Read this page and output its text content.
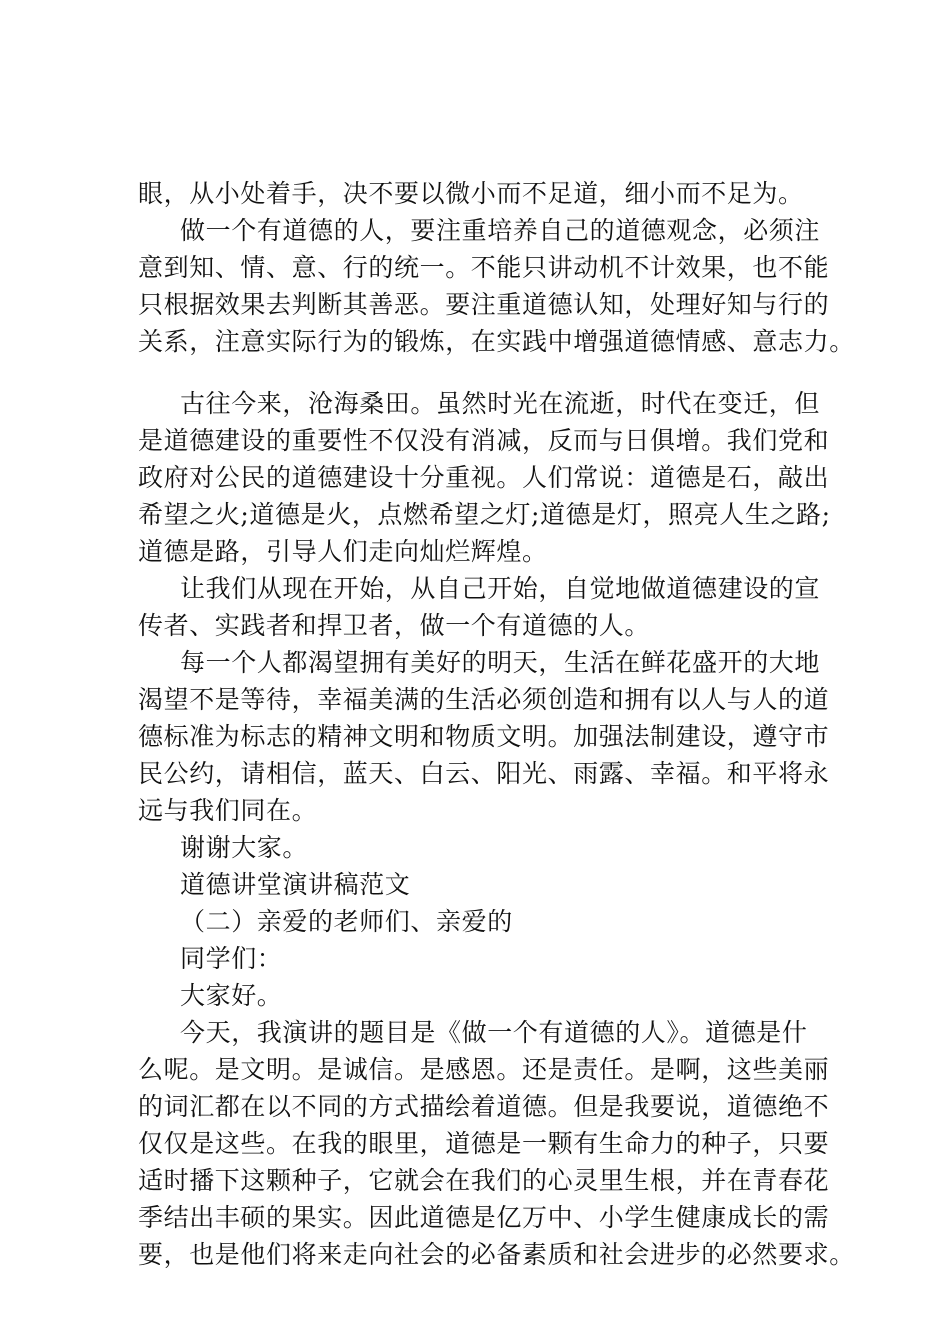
眼，从小处着手，决不要以微小而不足道，细小而不足为。
做一个有道德的人，要注重培养自己的道德观念，必须注
意到知、情、意、行的统一。不能只讲动机不计效果，也不能
只根据效果去判断其善恶。要注重道德认知，处理好知与行的
关系，注意实际行为的锻炼，在实践中增强道德情感、意志力。
古往今来，沧海桑田。虽然时光在流逝，时代在变迁，但
是道德建设的重要性不仅没有消减，反而与日俱增。我们党和
政府对公民的道德建设十分重视。人们常说：道德是石，敲出
希望之火;道德是火，点燃希望之灯;道德是灯，照亮人生之路;
道德是路，引导人们走向灿烂辉煌。
让我们从现在开始，从自己开始，自觉地做道德建设的宣
传者、实践者和捍卫者，做一个有道德的人。
每一个人都渴望拥有美好的明天，生活在鲜花盛开的大地
渴望不是等待，幸福美满的生活必须创造和拥有以人与人的道
德标准为标志的精神文明和物质文明。加强法制建设，遵守市
民公约，请相信，蓝天、白云、阳光、雨露、幸福。和平将永
远与我们同在。
谢谢大家。
道德讲堂演讲稿范文
（二）亲爱的老师们、亲爱的
同学们：
大家好。
今天，我演讲的题目是《做一个有道德的人》。道德是什
么呢。是文明。是诚信。是感恩。还是责任。是啊，这些美丽
的词汇都在以不同的方式描绘着道德。但是我要说，道德绝不
仅仅是这些。在我的眼里，道德是一颗有生命力的种子，只要
适时播下这颗种子，它就会在我们的心灵里生根，并在青春花
季结出丰硕的果实。因此道德是亿万中、小学生健康成长的需
要，也是他们将来走向社会的必备素质和社会进步的必然要求。
